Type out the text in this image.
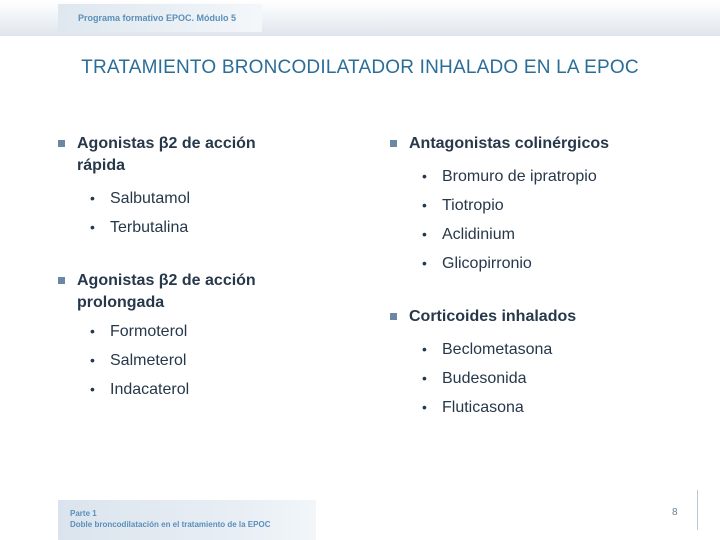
Programa formativo EPOC. Módulo 5
TRATAMIENTO BRONCODILATADOR INHALADO EN LA EPOC
Agonistas β2 de acción rápida
• Salbutamol
• Terbutalina
Agonistas β2 de acción prolongada
• Formoterol
• Salmeterol
• Indacaterol
Antagonistas colinérgicos
• Bromuro de ipratropio
• Tiotropio
• Aclidinium
• Glicopirronio
Corticoides inhalados
• Beclometasona
• Budesonida
• Fluticasona
Parte 1
Doble broncodilatación en el tratamiento de la EPOC
8
